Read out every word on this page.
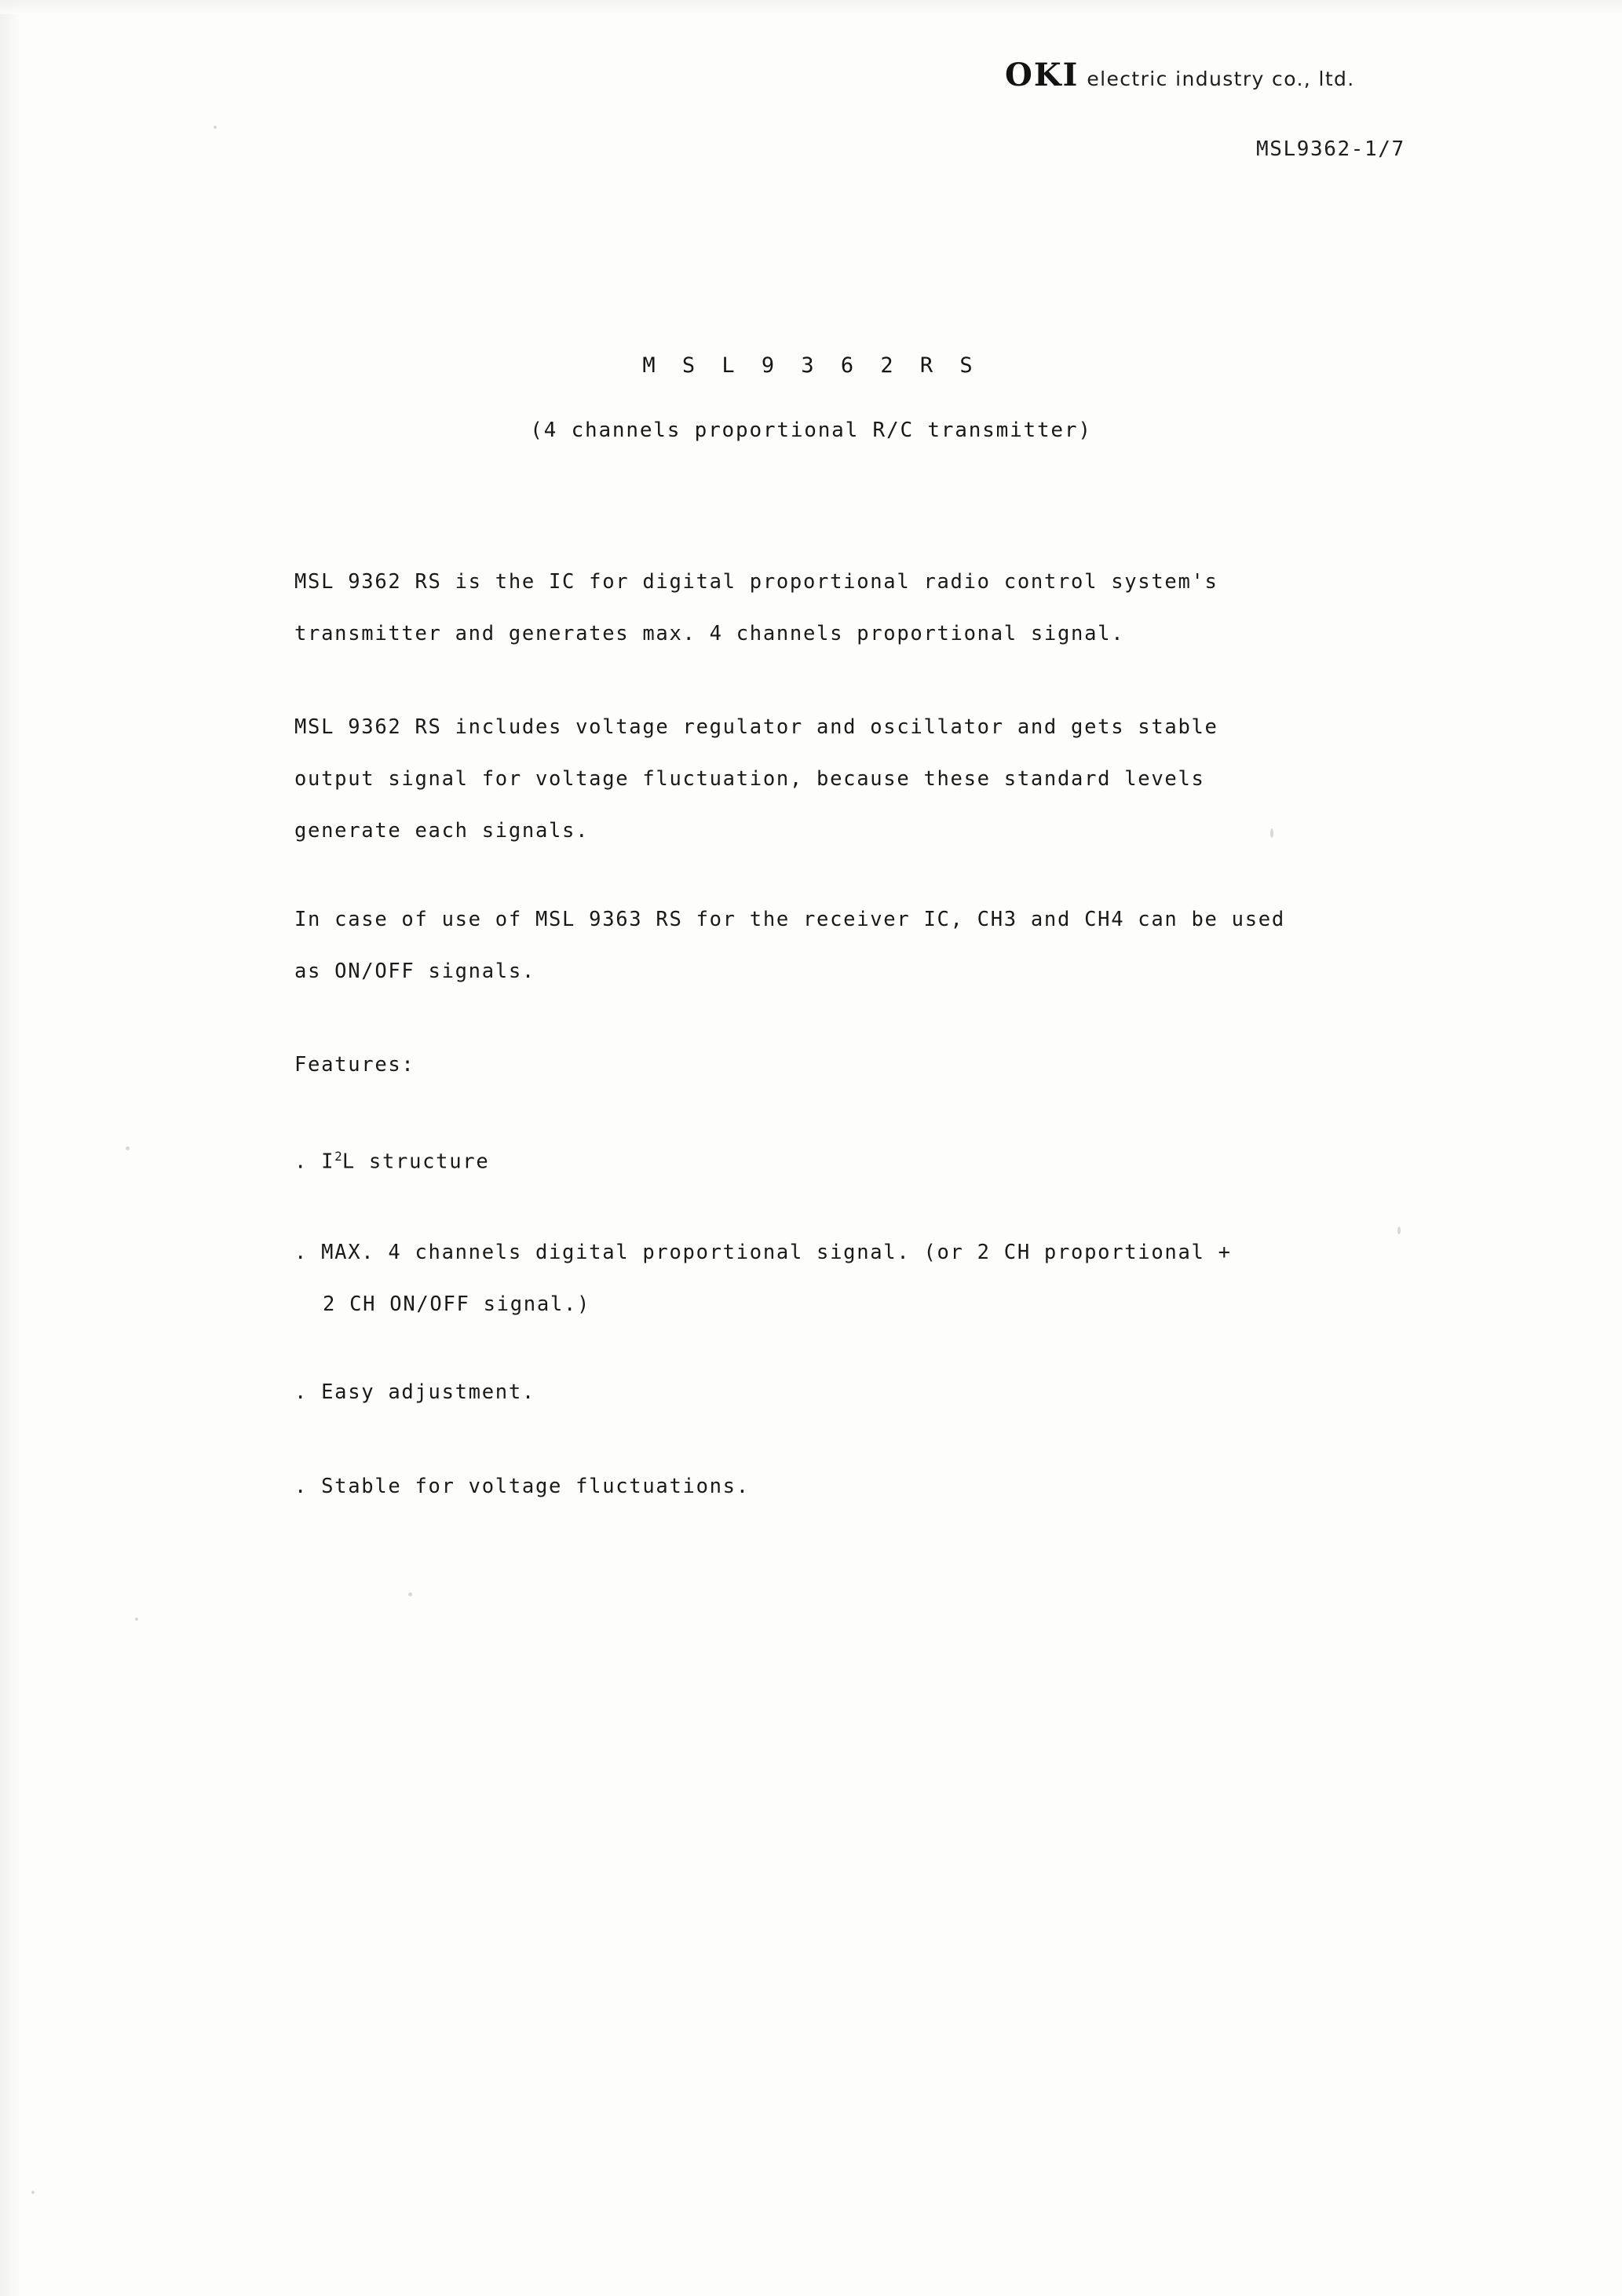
OKI electric industry co., ltd.
MSL9362-1/7
M S L 9 3 6 2 R S
(4 channels proportional R/C transmitter)

MSL 9362 RS is the IC for digital proportional radio control system's

transmitter and generates max. 4 channels proportional signal.

MSL 9362 RS includes voltage regulator and oscillator and gets stable

output signal for voltage fluctuation, because these standard levels

generate each signals.

In case of use of MSL 9363 RS for the receiver IC, CH3 and CH4 can be used

as ON/OFF signals.

Features:

. $I^2L$ structure

. MAX. 4 channels digital proportional signal. (or 2 CH proportional +

2 CH ON/OFF signal.)

. Easy adjustment.

. Stable for voltage fluctuations.
